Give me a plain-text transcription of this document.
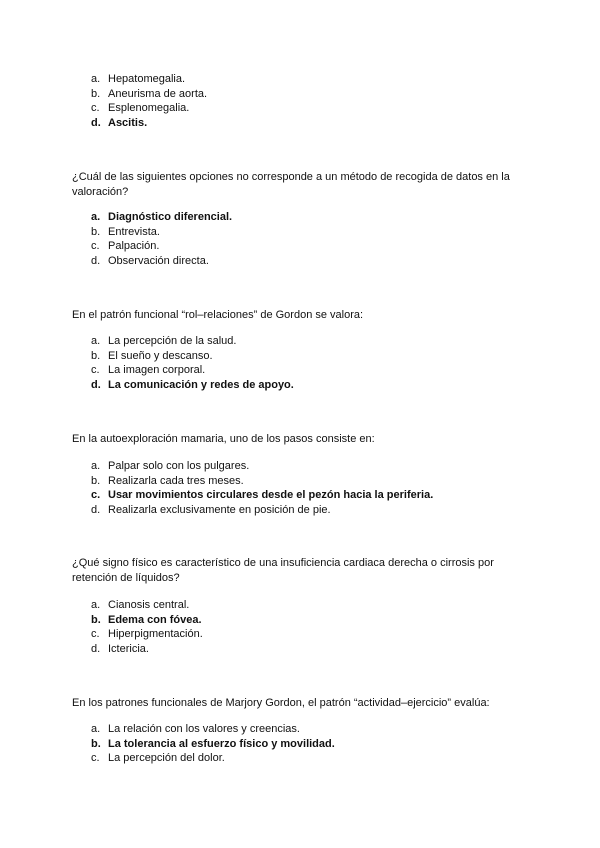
a. Hepatomegalia.
b. Aneurisma de aorta.
c. Esplenomegalia.
d. Ascitis.

¿Cuál de las siguientes opciones no corresponde a un método de recogida de datos en la valoración?

a. Diagnóstico diferencial.
b. Entrevista.
c. Palpación.
d. Observación directa.

En el patrón funcional “rol–relaciones” de Gordon se valora:

a. La percepción de la salud.
b. El sueño y descanso.
c. La imagen corporal.
d. La comunicación y redes de apoyo.

En la autoexploración mamaria, uno de los pasos consiste en:

a. Palpar solo con los pulgares.
b. Realizarla cada tres meses.
c. Usar movimientos circulares desde el pezón hacia la periferia.
d. Realizarla exclusivamente en posición de pie.

¿Qué signo físico es característico de una insuficiencia cardiaca derecha o cirrosis por retención de líquidos?

a. Cianosis central.
b. Edema con fóvea.
c. Hiperpigmentación.
d. Ictericia.

En los patrones funcionales de Marjory Gordon, el patrón “actividad–ejercicio” evalúa:

a. La relación con los valores y creencias.
b. La tolerancia al esfuerzo físico y movilidad.
c. La percepción del dolor.
